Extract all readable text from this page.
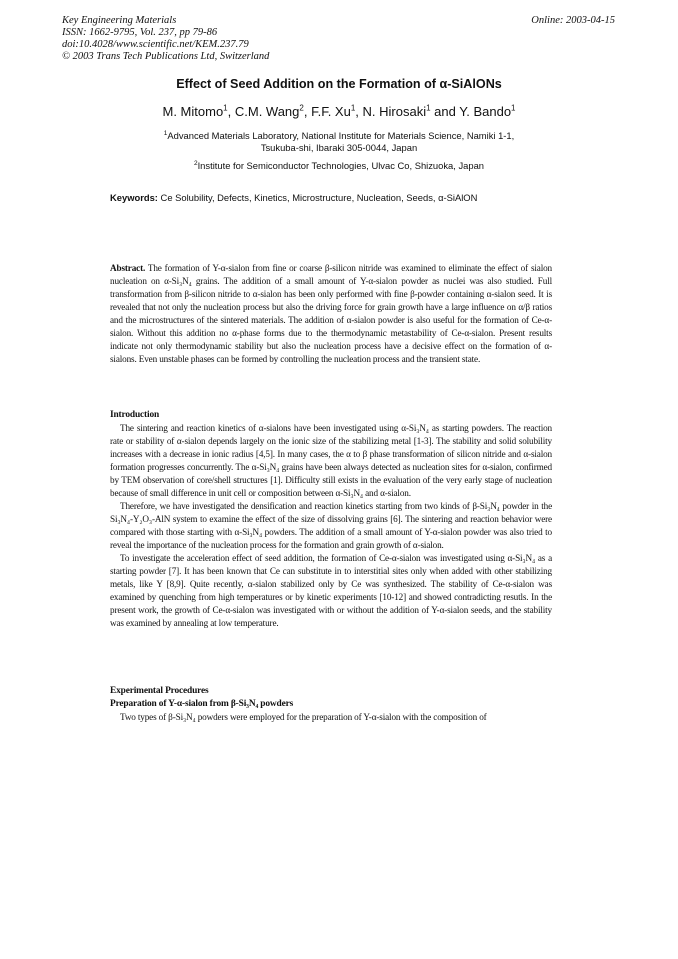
Key Engineering Materials
ISSN: 1662-9795, Vol. 237, pp 79-86
doi:10.4028/www.scientific.net/KEM.237.79
© 2003 Trans Tech Publications Ltd, Switzerland
Online: 2003-04-15
Effect of Seed Addition on the Formation of α-SiAlONs
M. Mitomo$^1$, C.M. Wang$^2$, F.F. Xu$^1$, N. Hirosaki$^1$ and Y. Bando$^1$
$^1$Advanced Materials Laboratory, National Institute for Materials Science, Namiki 1-1,
Tsukuba-shi, Ibaraki 305-0044, Japan
$^2$Institute for Semiconductor Technologies, Ulvac Co, Shizuoka, Japan
Keywords: Ce Solubility, Defects, Kinetics, Microstructure, Nucleation, Seeds, α-SiAlON

Abstract. The formation of Y-α-sialon from fine or coarse β-silicon nitride was examined to eliminate the effect of sialon nucleation on α-Si₃N₄ grains. The addition of a small amount of Y-α-sialon powder as nuclei was also studied. Full transformation from β-silicon nitride to α-sialon has been only performed with fine β-powder containing α-sialon seed. It is revealed that not only the nucleation process but also the driving force for grain growth have a large influence on α/β ratios and the microstructures of the sintered materials. The addition of α-sialon powder is also useful for the formation of Ce-α-sialon. Without this addition no α-phase forms due to the thermodynamic metastability of Ce-α-sialon. Present results indicate not only thermodynamic stability but also the nucleation process have a decisive effect on the formation of α-sialons. Even unstable phases can be formed by controlling the nucleation process and the transient state.

Introduction

The sintering and reaction kinetics of α-sialons have been investigated using α-Si₃N₄ as starting powders. The reaction rate or stability of α-sialon depends largely on the ionic size of the stabilizing metal [1-3]. The stability and solid solubility increases with a decrease in ionic radius [4,5]. In many cases, the α to β phase transformation of silicon nitride and α-sialon formation progresses concurrently. The α-Si₃N₄ grains have been always detected as nucleation sites for α-sialon, confirmed by TEM observation of core/shell structures [1]. Difficulty still exists in the evaluation of the very early stage of nucleation because of small difference in unit cell or composition between α-Si₃N₄ and α-sialon.

Therefore, we have investigated the densification and reaction kinetics starting from two kinds of β-Si₃N₄ powder in the Si₃N₄-Y₂O₃-AlN system to examine the effect of the size of dissolving grains [6]. The sintering and reaction behavior were compared with those starting with α-Si₃N₄ powders. The addition of a small amount of Y-α-sialon powder was also tried to reveal the importance of the nucleation process for the formation and grain growth of α-sialon.

To investigate the acceleration effect of seed addition, the formation of Ce-α-sialon was investigated using α-Si₃N₄ as a starting powder [7]. It has been known that Ce can substitute in to interstitial sites only when added with other stabilizing metals, like Y [8,9]. Quite recently, α-sialon stabilized only by Ce was synthesized. The stability of Ce-α-sialon was examined by quenching from high temperatures or by kinetic experiments [10-12] and showed contradicting resutls. In the present work, the growth of Ce-α-sialon was investigated with or without the addition of Y-α-sialon seeds, and the stability was examined by annealing at low temperature.

Experimental Procedures

Preparation of Y-α-sialon from β-Si₃N₄ powders

Two types of β-Si₃N₄ powders were employed for the preparation of Y-α-sialon with the composition of
